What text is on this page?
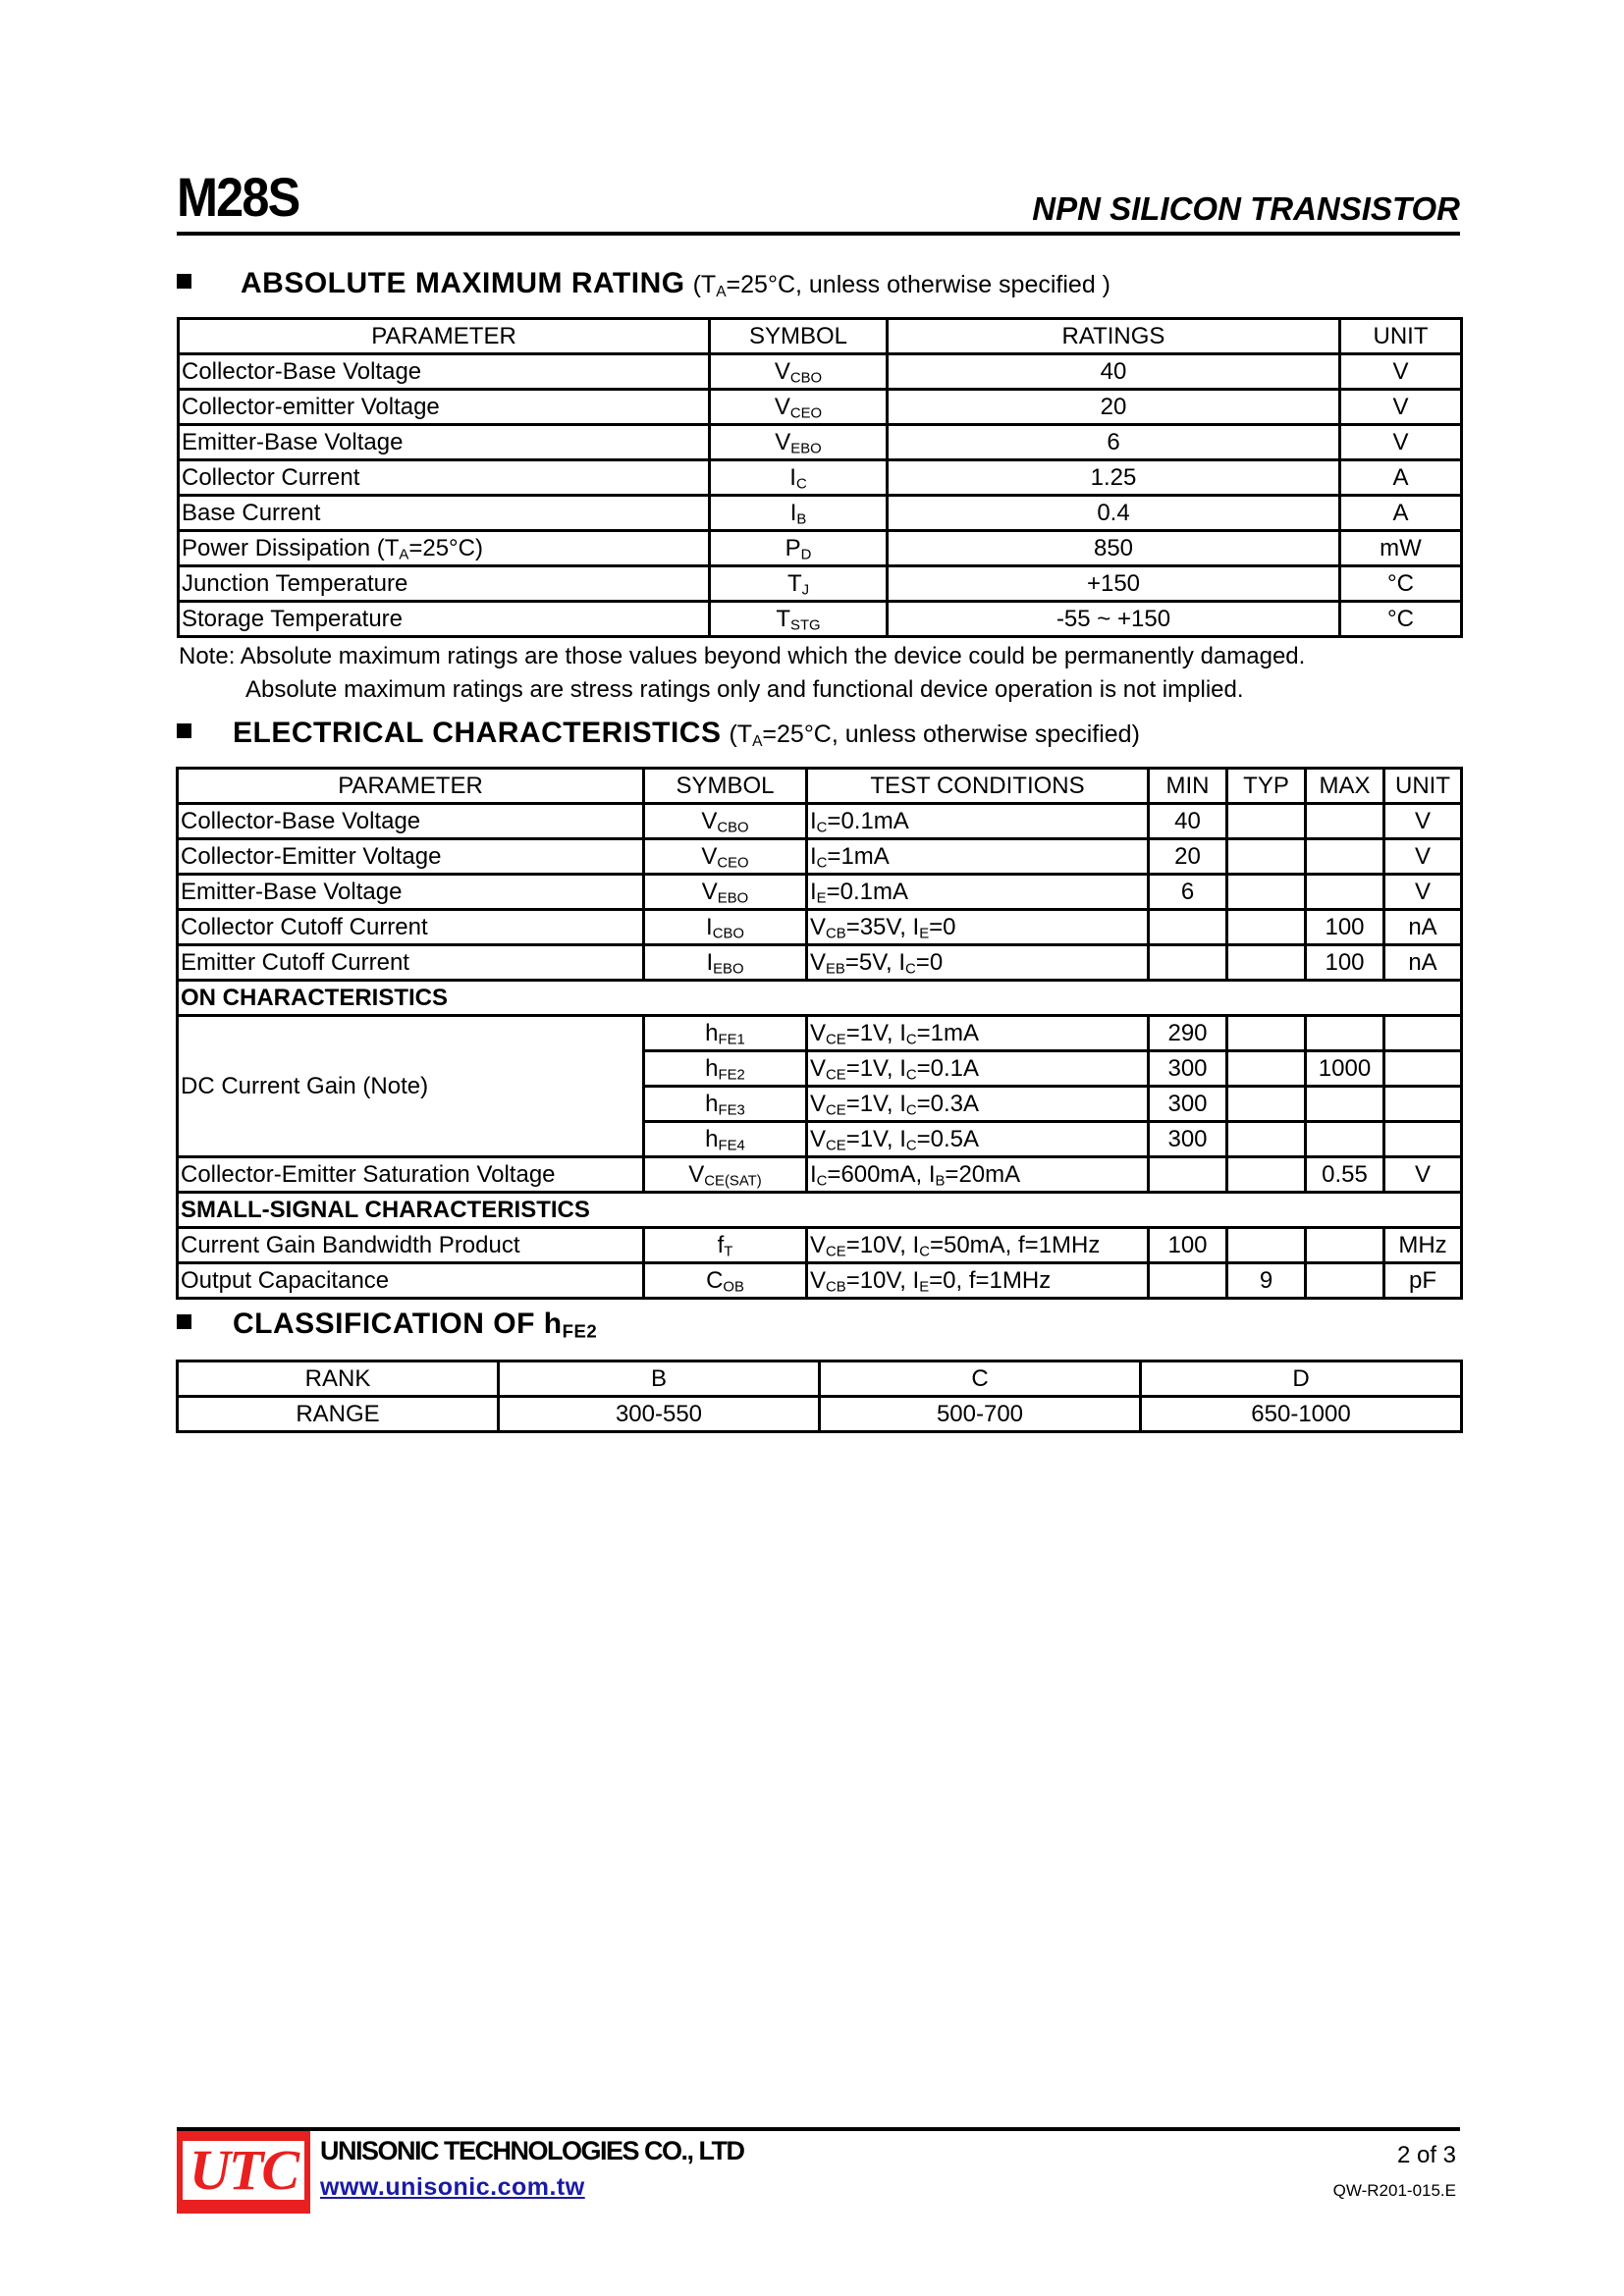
M28S	NPN SILICON TRANSISTOR
ABSOLUTE MAXIMUM RATING ($T_A=25^\circ C$, unless otherwise specified )
PARAMETER	SYMBOL	RATINGS	UNIT
Collector-Base Voltage	$V_{CBO}$	40	V
Collector-emitter Voltage	$V_{CEO}$	20	V
Emitter-Base Voltage	$V_{EBO}$	6	V
Collector Current	$I_C$	1.25	A
Base Current	$I_B$	0.4	A
Power Dissipation $(T_A=25^\circ C)$	$P_D$	850	mW
Junction Temperature	$T_J$	+150	°C
Storage Temperature	$T_{STG}$	-55 ~ +150	°C
Note: Absolute maximum ratings are those values beyond which the device could be permanently damaged.
Absolute maximum ratings are stress ratings only and functional device operation is not implied.
ELECTRICAL CHARACTERISTICS ($T_A=25^\circ C$, unless otherwise specified)
PARAMETER	SYMBOL	TEST CONDITIONS	MIN	TYP	MAX	UNIT
Collector-Base Voltage	$V_{CBO}$	$I_C=0.1mA$	40			V
Collector-Emitter Voltage	$V_{CEO}$	$I_C=1mA$	20			V
Emitter-Base Voltage	$V_{EBO}$	$I_E=0.1mA$	6			V
Collector Cutoff Current	$I_{CBO}$	$V_{CB}=35V$, $I_E=0$			100	nA
Emitter Cutoff Current	$I_{EBO}$	$V_{EB}=5V$, $I_C=0$			100	nA
ON CHARACTERISTICS						
DC Current Gain (Note)	$h_{FE1}$	$V_{CE}=1V$, $I_C=1mA$	290			
	$h_{FE2}$	$V_{CE}=1V$, $I_C=0.1A$	300		1000	
	$h_{FE3}$	$V_{CE}=1V$, $I_C=0.3A$	300			
	$h_{FE4}$	$V_{CE}=1V$, $I_C=0.5A$	300			
Collector-Emitter Saturation Voltage	$V_{CE(SAT)}$	$I_C=600mA$, $I_B=20mA$			0.55	V
SMALL-SIGNAL CHARACTERISTICS						
Current Gain Bandwidth Product	$f_T$	$V_{CE}=10V$, $I_C=50mA$, f=1MHz	100			MHz
Output Capacitance	$C_{OB}$	$V_{CB}=10V$, $I_E=0$, f=1MHz		9		pF
CLASSIFICATION OF $h_{FE2}$
RANK	B	C	D
RANGE	300-550	500-700	650-1000
UTC UNISONIC TECHNOLOGIES CO., LTD
www.unisonic.com.tw
2 of 3
QW-R201-015.E
